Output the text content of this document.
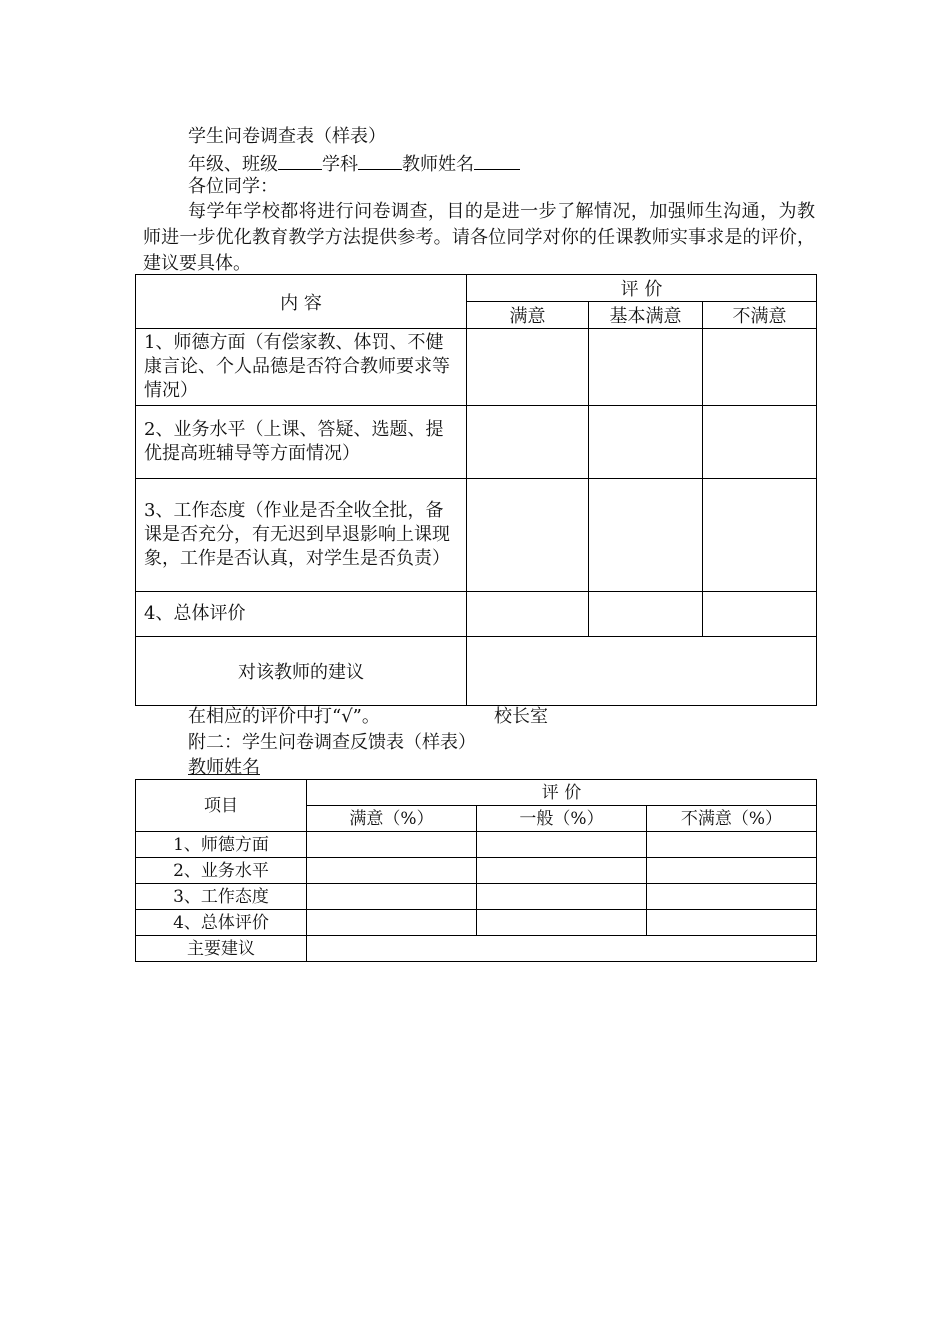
学生问卷调查表（样表）
年级、班级 学科 教师姓名
各位同学：
每学年学校都将进行问卷调查，目的是进一步了解情况，加强师生沟通，为教师进一步优化教育教学方法提供参考。请各位同学对你的任课教师实事求是的评价，建议要具体。
内 容	评 价		
	满意	基本满意	不满意
1、师德方面（有偿家教、体罚、不健康言论、个人品德是否符合教师要求等情况）			
2、业务水平（上课、答疑、选题、提优提高班辅导等方面情况）			
3、工作态度（作业是否全收全批，备课是否充分，有无迟到早退影响上课现象，工作是否认真，对学生是否负责）			
4、总体评价			
对该教师的建议			
在相应的评价中打“√”。	校长室
附二：学生问卷调查反馈表（样表）
教师姓名
项目	评 价		
	满意（%）	一般（%）	不满意（%）
1、师德方面			
2、业务水平			
3、工作态度			
4、总体评价			
主要建议			
